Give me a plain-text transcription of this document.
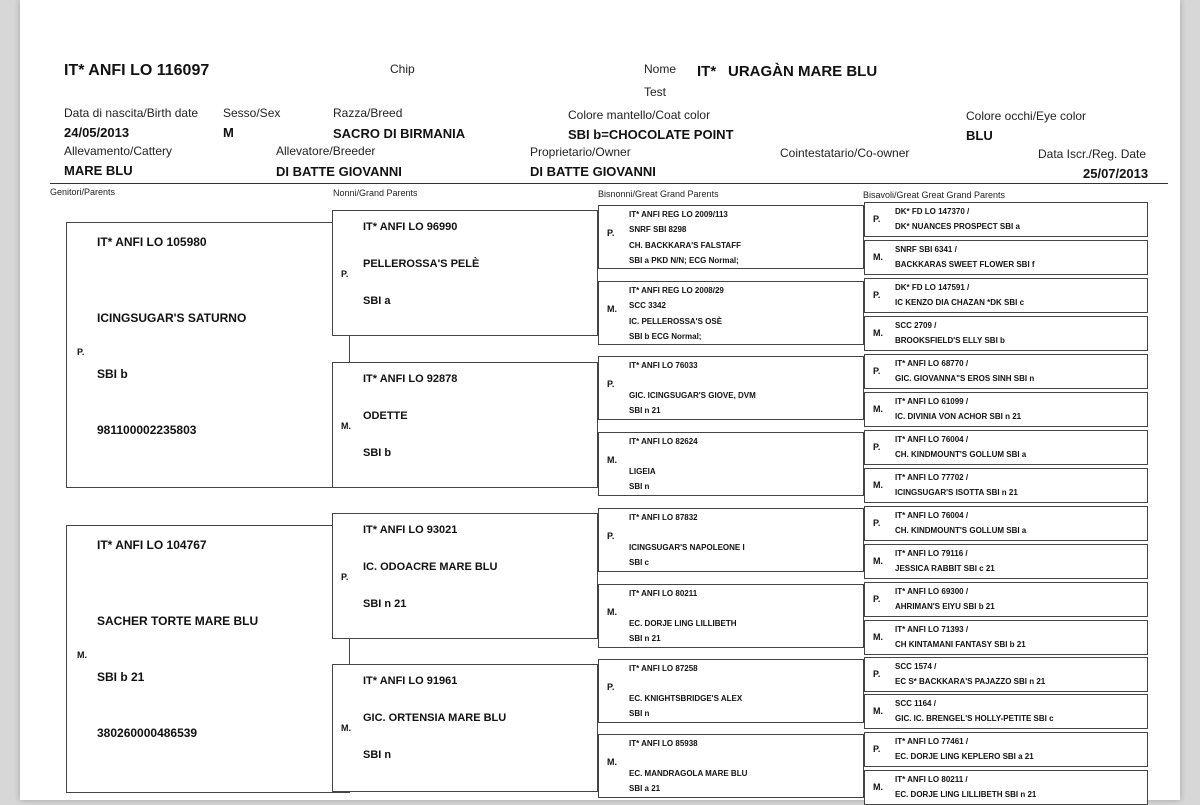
IT* ANFI LO 116097	Chip	Nome IT* URAGÀN MARE BLU
Test
Data di nascita/Birth date
24/05/2013
Sesso/Sex
M
Razza/Breed
SACRO DI BIRMANIA
Colore mantello/Coat color
SBI b=CHOCOLATE POINT
Colore occhi/Eye color
BLU
Allevamento/Cattery
MARE BLU
Allevatore/Breeder
DI BATTE GIOVANNI
Proprietario/Owner
DI BATTE GIOVANNI
Cointestatario/Co-owner	Data Iscr./Reg. Date
25/07/2013
Genitori/Parents	Nonni/Grand Parents	Bisnonni/Great Grand Parents	Bisavoli/Great Great Grand Parents
IT* ANFI LO 105980
ICINGSUGAR'S SATURNO
P.
SBI b
981100002235803
IT* ANFI LO 104767
SACHER TORTE MARE BLU
M.
SBI b 21
380260000486539
IT* ANFI LO 96990
P.
PELLEROSSA'S PELÈ
SBI a
IT* ANFI LO 92878
M.
ODETTE
SBI b
IT* ANFI LO 93021
P.
IC. ODOACRE MARE BLU
SBI n 21
IT* ANFI LO 91961
M.
GIC. ORTENSIA MARE BLU
SBI n
P.
IT* ANFI REG LO 2009/113
SNRF SBI 8298
CH. BACKKARA'S FALSTAFF
SBI a PKD N/N; ECG Normal;
M.
IT* ANFI REG LO 2008/29
SCC 3342
IC. PELLEROSSA'S OSÈ
SBI b ECG Normal;
P.
IT* ANFI LO 76033
GIC. ICINGSUGAR'S GIOVE, DVM
SBI n 21
M.
IT* ANFI LO 82624
LIGEIA
SBI n
P.
IT* ANFI LO 87832
ICINGSUGAR'S NAPOLEONE I
SBI c
M.
IT* ANFI LO 80211
EC. DORJE LING LILLIBETH
SBI n 21
P.
IT* ANFI LO 87258
EC. KNIGHTSBRIDGE'S ALEX
SBI n
M.
IT* ANFI LO 85938
EC. MANDRAGOLA MARE BLU
SBI a 21
P.
DK* FD LO 147370 /
DK* NUANCES PROSPECT SBI a
M.
SNRF SBI 6341 /
BACKKARAS SWEET FLOWER SBI f
P.
DK* FD LO 147591 /
IC KENZO DIA CHAZAN *DK SBI c
M.
SCC 2709 /
BROOKSFIELD'S ELLY SBI b
P.
IT* ANFI LO 68770 /
GIC. GIOVANNA"S EROS SINH SBI n
M.
IT* ANFI LO 61099 /
IC. DIVINIA VON ACHOR SBI n 21
P.
IT* ANFI LO 76004 /
CH. KINDMOUNT'S GOLLUM SBI a
M.
IT* ANFI LO 77702 /
ICINGSUGAR'S ISOTTA SBI n 21
P.
IT* ANFI LO 76004 /
CH. KINDMOUNT'S GOLLUM SBI a
M.
IT* ANFI LO 79116 /
JESSICA RABBIT SBI c 21
P.
IT* ANFI LO 69300 /
AHRIMAN'S EIYU SBI b 21
M.
IT* ANFI LO 71393 /
CH KINTAMANI FANTASY SBI b 21
P.
SCC 1574 /
EC S* BACKKARA'S PAJAZZO SBI n 21
M.
SCC 1164 /
GIC. IC. BRENGEL'S HOLLY-PETITE SBI c
P.
IT* ANFI LO 77461 /
EC. DORJE LING KEPLERO SBI a 21
M.
IT* ANFI LO 80211 /
EC. DORJE LING LILLIBETH SBI n 21
